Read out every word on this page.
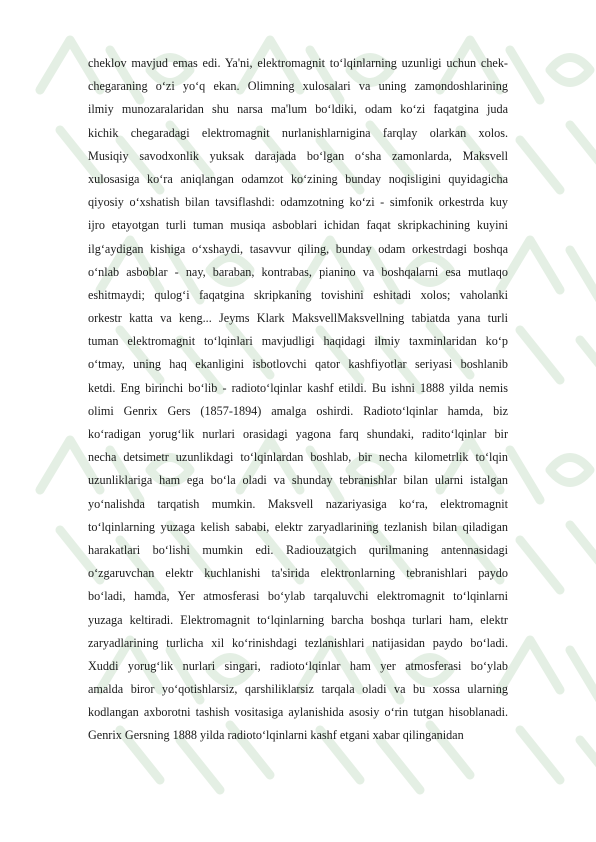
cheklov mavjud emas edi. Ya'ni, elektromagnit to‘lqinlarning uzunligi uchun chek-
chegaraning o‘zi yo‘q ekan. Olimning xulosalari va uning zamondoshlarining
ilmiy munozaralaridan shu narsa ma'lum bo‘ldiki, odam ko‘zi faqatgina juda
kichik chegaradagi elektromagnit nurlanishlarnigina farqlay olarkan xolos.
Musiqiy savodxonlik yuksak darajada bo‘lgan o‘sha zamonlarda, Maksvell
xulosasiga ko‘ra aniqlangan odamzot ko‘zining bunday noqisligini quyidagicha
qiyosiy o‘xshatish bilan tavsiflashdi: odamzotning ko‘zi - simfonik orkestrda kuy
ijro etayotgan turli tuman musiqa asboblari ichidan faqat skripkachining kuyini
ilg‘aydigan kishiga o‘xshaydi, tasavvur qiling, bunday odam orkestrdagi boshqa
o‘nlab asboblar - nay, baraban, kontrabas, pianino va boshqalarni esa mutlaqo
eshitmaydi; qulog‘i faqatgina skripkaning tovishini eshitadi xolos; vaholanki
orkestr katta va keng... Jeyms Klark MaksvellMaksvellning tabiatda yana turli
tuman elektromagnit to‘lqinlari mavjudligi haqidagi ilmiy taxminlaridan ko‘p
o‘tmay, uning haq ekanligini isbotlovchi qator kashfiyotlar seriyasi boshlanib
ketdi. Eng birinchi bo‘lib - radioto‘lqinlar kashf etildi. Bu ishni 1888 yilda nemis
olimi Genrix Gers (1857-1894) amalga oshirdi. Radioto‘lqinlar hamda, biz
ko‘radigan yorug‘lik nurlari orasidagi yagona farq shundaki, radito‘lqinlar bir
necha detsimetr uzunlikdagi to‘lqinlardan boshlab, bir necha kilometrlik to‘lqin
uzunliklariga ham ega bo‘la oladi va shunday tebranishlar bilan ularni istalgan
yo‘nalishda tarqatish mumkin. Maksvell nazariyasiga ko‘ra, elektromagnit
to‘lqinlarning yuzaga kelish sababi, elektr zaryadlarining tezlanish bilan qiladigan
harakatlari bo‘lishi mumkin edi. Radiouzatgich qurilmaning antennasidagi
o‘zgaruvchan elektr kuchlanishi ta'sirida elektronlarning tebranishlari paydo
bo‘ladi, hamda, Yer atmosferasi bo‘ylab tarqaluvchi elektromagnit to‘lqinlarni
yuzaga keltiradi. Elektromagnit to‘lqinlarning barcha boshqa turlari ham, elektr
zaryadlarining turlicha xil ko‘rinishdagi tezlanishlari natijasidan paydo bo‘ladi.
Xuddi yorug‘lik nurlari singari, radioto‘lqinlar ham yer atmosferasi bo‘ylab
amalda biror yo‘qotishlarsiz, qarshiliklarsiz tarqala oladi va bu xossa ularning
kodlangan axborotni tashish vositasiga aylanishida asosiy o‘rin tutgan hisoblanadi.
Genrix Gersning 1888 yilda radioto‘lqinlarni kashf etgani xabar qilinganidan
